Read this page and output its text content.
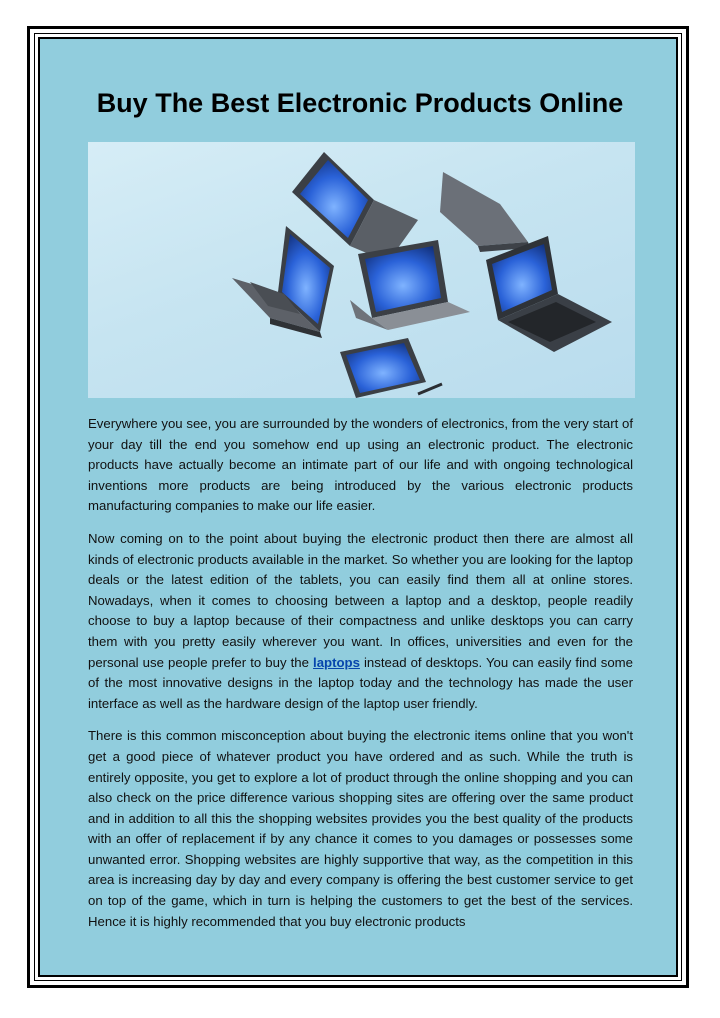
Buy The Best Electronic Products Online

Everywhere you see, you are surrounded by the wonders of electronics, from the very start of your day till the end you somehow end up using an electronic product. The electronic products have actually become an intimate part of our life and with ongoing technological inventions more products are being introduced by the various electronic products manufacturing companies to make our life easier.

Now coming on to the point about buying the electronic product then there are almost all kinds of electronic products available in the market. So whether you are looking for the laptop deals or the latest edition of the tablets, you can easily find them all at online stores. Nowadays, when it comes to choosing between a laptop and a desktop, people readily choose to buy a laptop because of their compactness and unlike desktops you can carry them with you pretty easily wherever you want. In offices, universities and even for the personal use people prefer to buy the laptops instead of desktops. You can easily find some of the most innovative designs in the laptop today and the technology has made the user interface as well as the hardware design of the laptop user friendly.

There is this common misconception about buying the electronic items online that you won't get a good piece of whatever product you have ordered and as such. While the truth is entirely opposite, you get to explore a lot of product through the online shopping and you can also check on the price difference various shopping sites are offering over the same product and in addition to all this the shopping websites provides you the best quality of the products with an offer of replacement if by any chance it comes to you damages or possesses some unwanted error. Shopping websites are highly supportive that way, as the competition in this area is increasing day by day and every company is offering the best customer service to get on top of the game, which in turn is helping the customers to get the best of the services. Hence it is highly recommended that you buy electronic products
